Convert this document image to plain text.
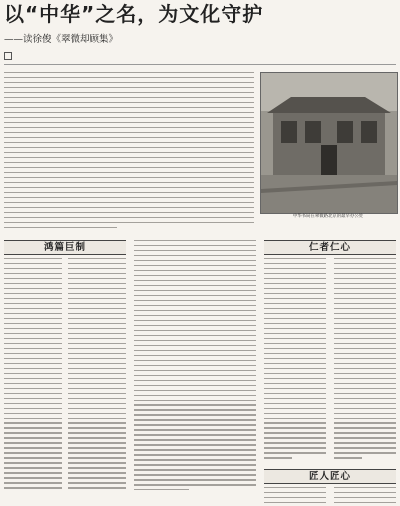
以“中华”之名，为文化守护
——读徐俊《翠微却顾集》
中华书局在翠微路北京的最早办公处
鸿篇巨制	仁者仁心
匠人匠心
